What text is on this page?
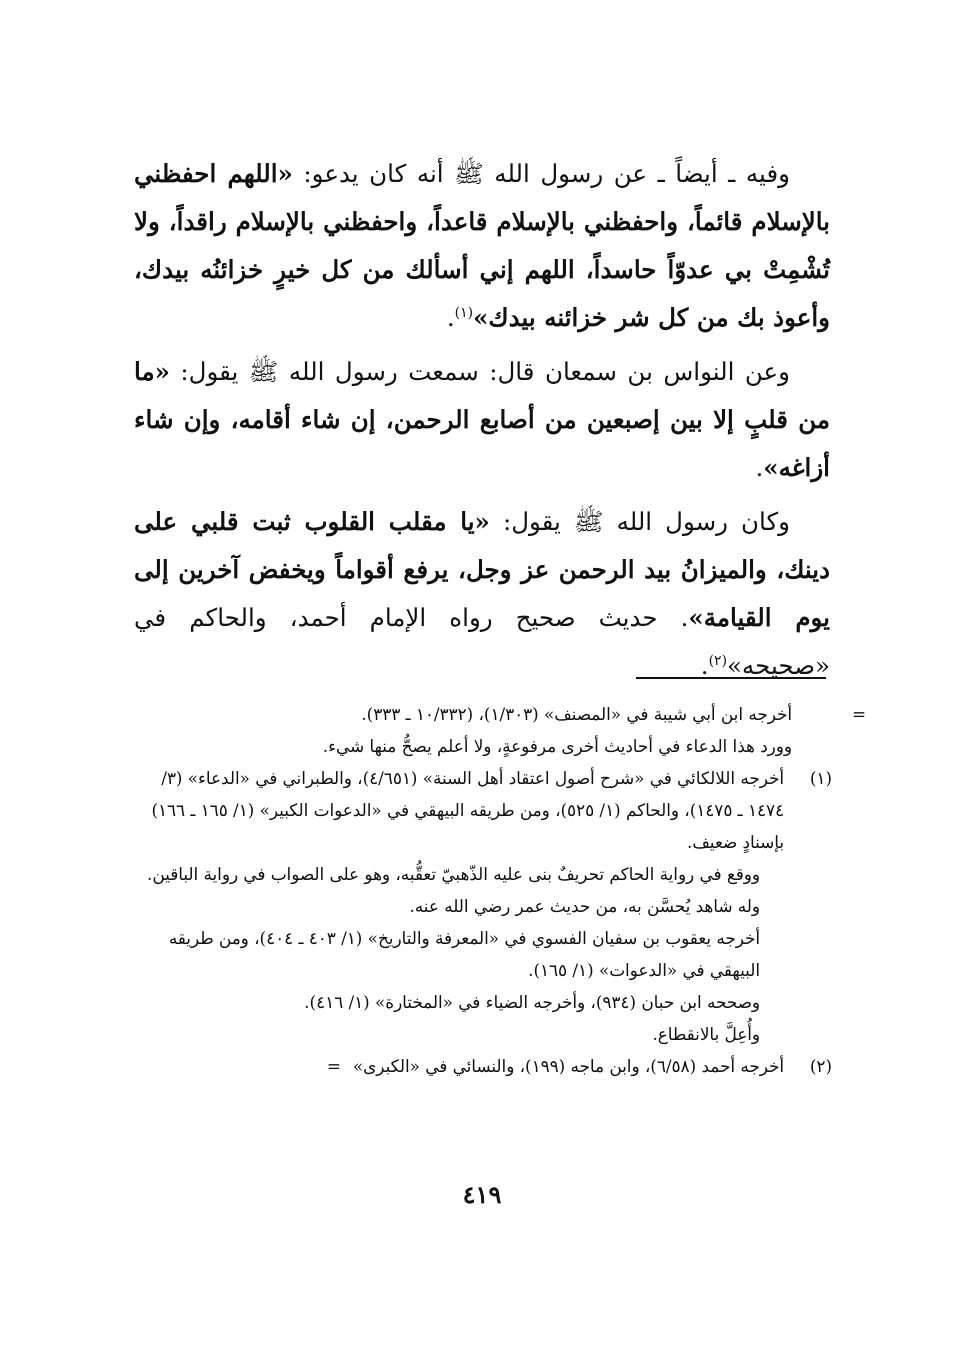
وفيه ـ أيضاً ـ عن رسول الله ﷺ أنه كان يدعو: «اللهم احفظني بالإسلام قائماً، واحفظني بالإسلام قاعداً، واحفظني بالإسلام راقداً، ولا تُشْمِتْ بي عدوّاً حاسداً، اللهم إني أسألك من كل خيرٍ خزائنُه بيدك، وأعوذ بك من كل شر خزائنه بيدك»$^{(١)}$.

وعن النواس بن سمعان قال: سمعت رسول الله ﷺ يقول: «ما من قلبٍ إلا بين إصبعين من أصابع الرحمن، إن شاء أقامه، وإن شاء أزاغه».

وكان رسول الله ﷺ يقول: «يا مقلب القلوب ثبت قلبي على دينك، والميزانُ بيد الرحمن عز وجل، يرفع أقواماً ويخفض آخرين إلى يوم القيامة». حديث صحيح رواه الإمام أحمد، والحاكم في «صحيحه»$^{(٢)}$.

=
أخرجه ابن أبي شيبة في «المصنف» (١/٣٠٣)، (١٠/٣٣٢ ـ ٣٣٣).
وورد هذا الدعاء في أحاديث أخرى مرفوعةٍ، ولا أعلم يصحُّ منها شيء.
(١)
أخرجه اللالكائي في «شرح أصول اعتقاد أهل السنة» (٤/٦٥١)، والطبراني في «الدعاء» (٣/ ١٤٧٤ ـ ١٤٧٥)، والحاكم (١/ ٥٢٥)، ومن طريقه البيهقي في «الدعوات الكبير» (١/ ١٦٥ ـ ١٦٦) بإسنادٍ ضعيف.
ووقع في رواية الحاكم تحريفٌ بنى عليه الذّهبيّ تعقُّبه، وهو على الصواب في رواية الباقين.
وله شاهد يُحسَّن به، من حديث عمر رضي الله عنه.
أخرجه يعقوب بن سفيان الفسوي في «المعرفة والتاريخ» (١/ ٤٠٣ ـ ٤٠٤)، ومن طريقه البيهقي في «الدعوات» (١/ ١٦٥).
وصححه ابن حبان (٩٣٤)، وأخرجه الضياء في «المختارة» (١/ ٤١٦).
وأُعِلَّ بالانقطاع.
(٢)
أخرجه أحمد (٦/٥٨)، وابن ماجه (١٩٩)، والنسائي في «الكبرى»=
٤١٩
